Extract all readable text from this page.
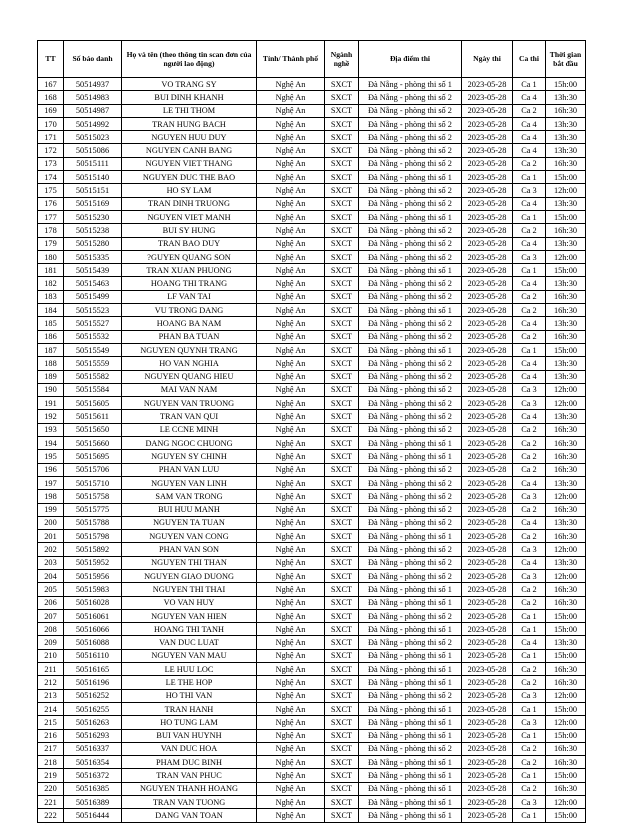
TT	Số báo danh	Họ và tên (theo thông tin scan đơn của người lao động)	Tỉnh/ Thành phố	Ngành nghề	Địa điểm thi	Ngày thi	Ca thi	Thời gian bắt đầu
167	50514937	VO TRANG SY	Nghệ An	SXCT	Đà Nẵng - phòng thi số 1	2023-05-28	Ca 1	15h:00
168	50514983	BUI DINH KHANH	Nghệ An	SXCT	Đà Nẵng - phòng thi số 2	2023-05-28	Ca 4	13h:30
169	50514987	LE THI THOM	Nghệ An	SXCT	Đà Nẵng - phòng thi số 2	2023-05-28	Ca 2	16h:30
170	50514992	TRAN HUNG BACH	Nghệ An	SXCT	Đà Nẵng - phòng thi số 2	2023-05-28	Ca 4	13h:30
171	50515023	NGUYEN HUU DUY	Nghệ An	SXCT	Đà Nẵng - phòng thi số 2	2023-05-28	Ca 4	13h:30
172	50515086	NGUYEN CANH BANG	Nghệ An	SXCT	Đà Nẵng - phòng thi số 2	2023-05-28	Ca 4	13h:30
173	50515111	NGUYEN VIET THANG	Nghệ An	SXCT	Đà Nẵng - phòng thi số 2	2023-05-28	Ca 2	16h:30
174	50515140	NGUYEN DUC THE BAO	Nghệ An	SXCT	Đà Nẵng - phòng thi số 1	2023-05-28	Ca 1	15h:00
175	50515151	HO SY LAM	Nghệ An	SXCT	Đà Nẵng - phòng thi số 2	2023-05-28	Ca 3	12h:00
176	50515169	TRAN DINH TRUONG	Nghệ An	SXCT	Đà Nẵng - phòng thi số 2	2023-05-28	Ca 4	13h:30
177	50515230	NGUYEN VIET MANH	Nghệ An	SXCT	Đà Nẵng - phòng thi số 1	2023-05-28	Ca 1	15h:00
178	50515238	BUI SY HUNG	Nghệ An	SXCT	Đà Nẵng - phòng thi số 2	2023-05-28	Ca 2	16h:30
179	50515280	TRAN BAO DUY	Nghệ An	SXCT	Đà Nẵng - phòng thi số 2	2023-05-28	Ca 4	13h:30
180	50515335	?GUYEN QUANG SON	Nghệ An	SXCT	Đà Nẵng - phòng thi số 2	2023-05-28	Ca 3	12h:00
181	50515439	TRAN XUAN PHUONG	Nghệ An	SXCT	Đà Nẵng - phòng thi số 1	2023-05-28	Ca 1	15h:00
182	50515463	HOANG THI TRANG	Nghệ An	SXCT	Đà Nẵng - phòng thi số 2	2023-05-28	Ca 4	13h:30
183	50515499	LF VAN TAI	Nghệ An	SXCT	Đà Nẵng - phòng thi số 2	2023-05-28	Ca 2	16h:30
184	50515523	VU TRONG DANG	Nghệ An	SXCT	Đà Nẵng - phòng thi số 1	2023-05-28	Ca 2	16h:30
185	50515527	HOANG BA NAM	Nghệ An	SXCT	Đà Nẵng - phòng thi số 2	2023-05-28	Ca 4	13h:30
186	50515532	PHAN BA TUAN	Nghệ An	SXCT	Đà Nẵng - phòng thi số 2	2023-05-28	Ca 2	16h:30
187	50515549	NGUYEN QUYNH TRANG	Nghệ An	SXCT	Đà Nẵng - phòng thi số 1	2023-05-28	Ca 1	15h:00
188	50515559	HO VAN NGHIA	Nghệ An	SXCT	Đà Nẵng - phòng thi số 2	2023-05-28	Ca 4	13h:30
189	50515582	NGUYEN QUANG HIEU	Nghệ An	SXCT	Đà Nẵng - phòng thi số 2	2023-05-28	Ca 4	13h:30
190	50515584	MAI VAN NAM	Nghệ An	SXCT	Đà Nẵng - phòng thi số 2	2023-05-28	Ca 3	12h:00
191	50515605	NGUYEN VAN TRUONG	Nghệ An	SXCT	Đà Nẵng - phòng thi số 2	2023-05-28	Ca 3	12h:00
192	50515611	TRAN VAN QUI	Nghệ An	SXCT	Đà Nẵng - phòng thi số 2	2023-05-28	Ca 4	13h:30
193	50515650	LE CCNE MINH	Nghệ An	SXCT	Đà Nẵng - phòng thi số 2	2023-05-28	Ca 2	16h:30
194	50515660	DANG NGOC CHUONG	Nghệ An	SXCT	Đà Nẵng - phòng thi số 1	2023-05-28	Ca 2	16h:30
195	50515695	NGUYEN SY CHINH	Nghệ An	SXCT	Đà Nẵng - phòng thi số 1	2023-05-28	Ca 2	16h:30
196	50515706	PHAN VAN LUU	Nghệ An	SXCT	Đà Nẵng - phòng thi số 2	2023-05-28	Ca 2	16h:30
197	50515710	NGUYEN VAN LINH	Nghệ An	SXCT	Đà Nẵng - phòng thi số 2	2023-05-28	Ca 4	13h:30
198	50515758	SAM VAN TRONG	Nghệ An	SXCT	Đà Nẵng - phòng thi số 2	2023-05-28	Ca 3	12h:00
199	50515775	BUI HUU MANH	Nghệ An	SXCT	Đà Nẵng - phòng thi số 2	2023-05-28	Ca 2	16h:30
200	50515788	NGUYEN TA TUAN	Nghệ An	SXCT	Đà Nẵng - phòng thi số 2	2023-05-28	Ca 4	13h:30
201	50515798	NGUYEN VAN CONG	Nghệ An	SXCT	Đà Nẵng - phòng thi số 1	2023-05-28	Ca 2	16h:30
202	50515892	PHAN VAN SON	Nghệ An	SXCT	Đà Nẵng - phòng thi số 2	2023-05-28	Ca 3	12h:00
203	50515952	NGUYEN THI THAN	Nghệ An	SXCT	Đà Nẵng - phòng thi số 2	2023-05-28	Ca 4	13h:30
204	50515956	NGUYEN GIAO DUONG	Nghệ An	SXCT	Đà Nẵng - phòng thi số 2	2023-05-28	Ca 3	12h:00
205	50515983	NGUYEN THI THAI	Nghệ An	SXCT	Đà Nẵng - phòng thi số 1	2023-05-28	Ca 2	16h:30
206	50516028	VO VAN HUY	Nghệ An	SXCT	Đà Nẵng - phòng thi số 1	2023-05-28	Ca 2	16h:30
207	50516061	NGUYEN VAN HIEN	Nghệ An	SXCT	Đà Nẵng - phòng thi số 2	2023-05-28	Ca 1	15h:00
208	50516066	HOANG THI TANH	Nghệ An	SXCT	Đà Nẵng - phòng thi số 1	2023-05-28	Ca 1	15h:00
209	50516088	VAN DUC LUAT	Nghệ An	SXCT	Đà Nẵng - phòng thi số 2	2023-05-28	Ca 4	13h:30
210	50516110	NGUYEN VAN MAU	Nghệ An	SXCT	Đà Nẵng - phòng thi số 1	2023-05-28	Ca 1	15h:00
211	50516165	LE HUU LOC	Nghệ An	SXCT	Đà Nẵng - phòng thi số 1	2023-05-28	Ca 2	16h:30
212	50516196	LE THE HOP	Nghệ An	SXCT	Đà Nẵng - phòng thi số 1	2023-05-28	Ca 2	16h:30
213	50516252	HO THI VAN	Nghệ An	SXCT	Đà Nẵng - phòng thi số 2	2023-05-28	Ca 3	12h:00
214	50516255	TRAN HANH	Nghệ An	SXCT	Đà Nẵng - phòng thi số 1	2023-05-28	Ca 1	15h:00
215	50516263	HO TUNG LAM	Nghệ An	SXCT	Đà Nẵng - phòng thi số 1	2023-05-28	Ca 3	12h:00
216	50516293	BUI VAN HUYNH	Nghệ An	SXCT	Đà Nẵng - phòng thi số 1	2023-05-28	Ca 1	15h:00
217	50516337	VAN DUC HOA	Nghệ An	SXCT	Đà Nẵng - phòng thi số 2	2023-05-28	Ca 2	16h:30
218	50516354	PHAM DUC BINH	Nghệ An	SXCT	Đà Nẵng - phòng thi số 1	2023-05-28	Ca 2	16h:30
219	50516372	TRAN VAN PHUC	Nghệ An	SXCT	Đà Nẵng - phòng thi số 1	2023-05-28	Ca 1	15h:00
220	50516385	NGUYEN THANH HOANG	Nghệ An	SXCT	Đà Nẵng - phòng thi số 1	2023-05-28	Ca 2	16h:30
221	50516389	TRAN VAN TUONG	Nghệ An	SXCT	Đà Nẵng - phòng thi số 1	2023-05-28	Ca 3	12h:00
222	50516444	DANG VAN TOAN	Nghệ An	SXCT	Đà Nẵng - phòng thi số 1	2023-05-28	Ca 1	15h:00
